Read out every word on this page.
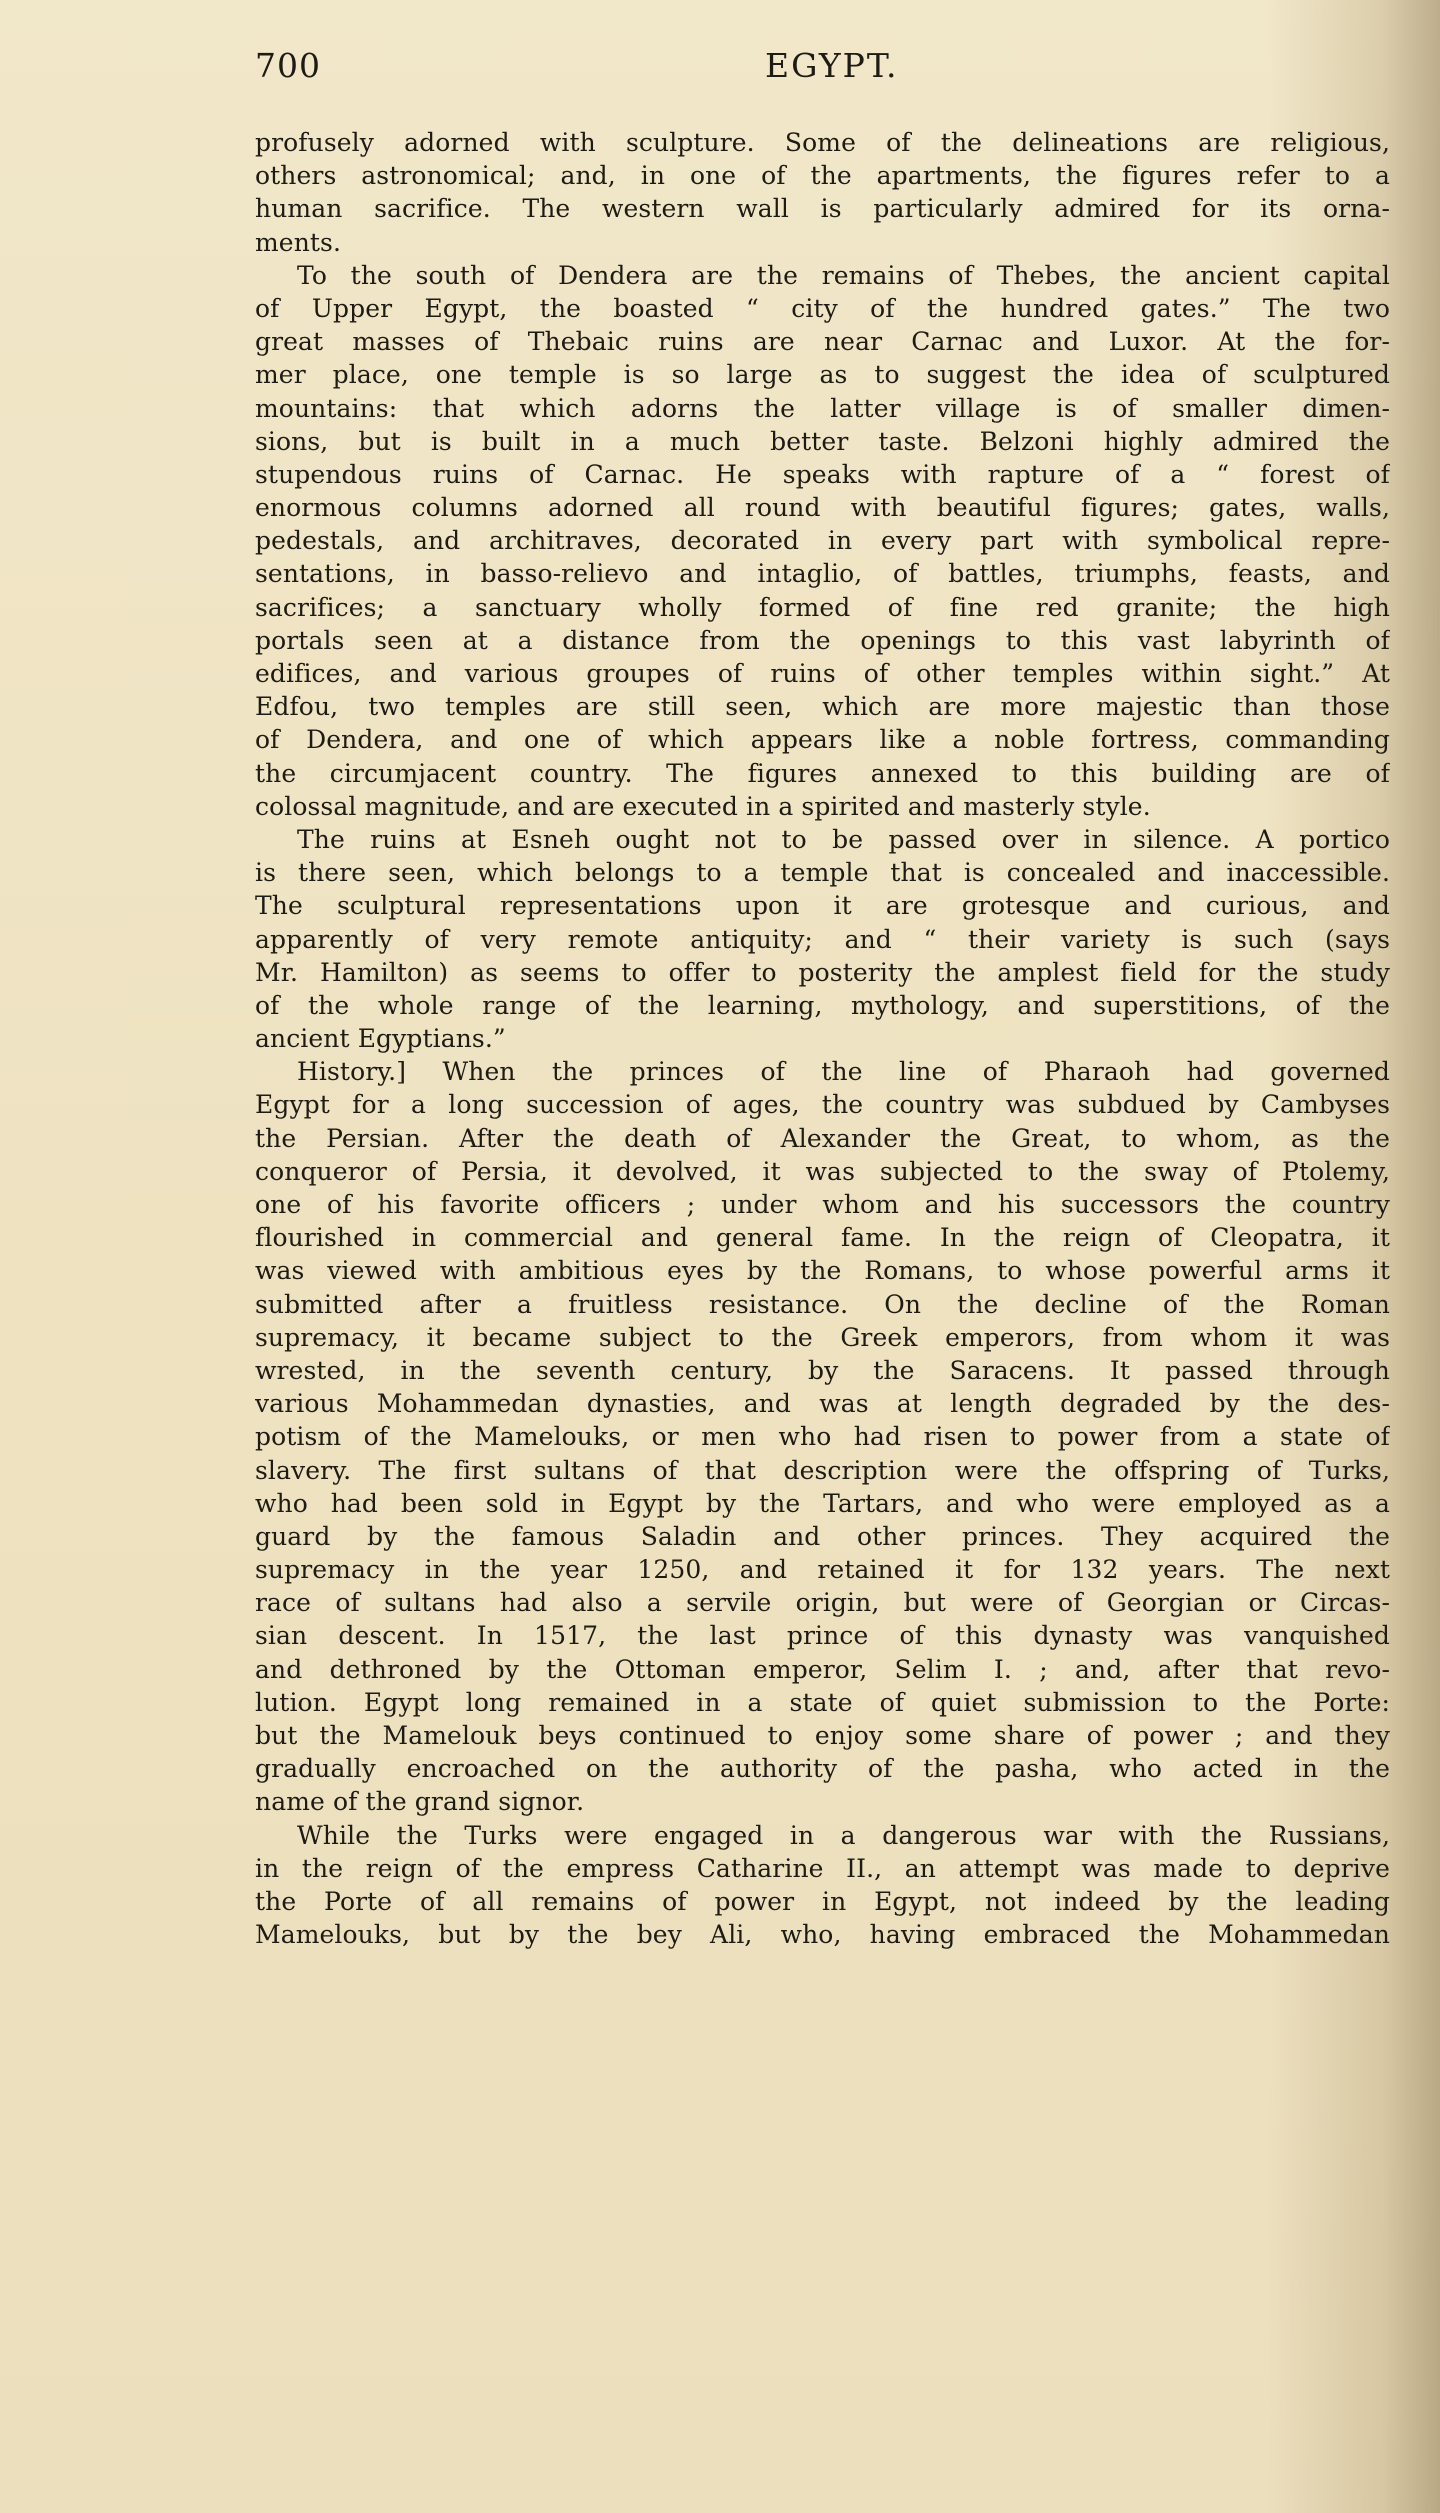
700	EGYPT.
profusely adorned with sculpture. Some of the delineations are religious,
others astronomical; and, in one of the apartments, the figures refer to a
human sacrifice. The western wall is particularly admired for its orna-
ments.
To the south of Dendera are the remains of Thebes, the ancient capital
of Upper Egypt, the boasted “ city of the hundred gates.” The two
great masses of Thebaic ruins are near Carnac and Luxor. At the for-
mer place, one temple is so large as to suggest the idea of sculptured
mountains: that which adorns the latter village is of smaller dimen-
sions, but is built in a much better taste. Belzoni highly admired the
stupendous ruins of Carnac. He speaks with rapture of a “ forest of
enormous columns adorned all round with beautiful figures; gates, walls,
pedestals, and architraves, decorated in every part with symbolical repre-
sentations, in basso-relievo and intaglio, of battles, triumphs, feasts, and
sacrifices; a sanctuary wholly formed of fine red granite; the high
portals seen at a distance from the openings to this vast labyrinth of
edifices, and various groupes of ruins of other temples within sight.” At
Edfou, two temples are still seen, which are more majestic than those
of Dendera, and one of which appears like a noble fortress, commanding
the circumjacent country. The figures annexed to this building are of
colossal magnitude, and are executed in a spirited and masterly style.
The ruins at Esneh ought not to be passed over in silence. A portico
is there seen, which belongs to a temple that is concealed and inaccessible.
The sculptural representations upon it are grotesque and curious, and
apparently of very remote antiquity; and “ their variety is such (says
Mr. Hamilton) as seems to offer to posterity the amplest field for the study
of the whole range of the learning, mythology, and superstitions, of the
ancient Egyptians.”
History.] When the princes of the line of Pharaoh had governed
Egypt for a long succession of ages, the country was subdued by Cambyses
the Persian. After the death of Alexander the Great, to whom, as the
conqueror of Persia, it devolved, it was subjected to the sway of Ptolemy,
one of his favorite officers ; under whom and his successors the country
flourished in commercial and general fame. In the reign of Cleopatra, it
was viewed with ambitious eyes by the Romans, to whose powerful arms it
submitted after a fruitless resistance. On the decline of the Roman
supremacy, it became subject to the Greek emperors, from whom it was
wrested, in the seventh century, by the Saracens. It passed through
various Mohammedan dynasties, and was at length degraded by the des-
potism of the Mamelouks, or men who had risen to power from a state of
slavery. The first sultans of that description were the offspring of Turks,
who had been sold in Egypt by the Tartars, and who were employed as a
guard by the famous Saladin and other princes. They acquired the
supremacy in the year 1250, and retained it for 132 years. The next
race of sultans had also a servile origin, but were of Georgian or Circas-
sian descent. In 1517, the last prince of this dynasty was vanquished
and dethroned by the Ottoman emperor, Selim I. ; and, after that revo-
lution. Egypt long remained in a state of quiet submission to the Porte:
but the Mamelouk beys continued to enjoy some share of power ; and they
gradually encroached on the authority of the pasha, who acted in the
name of the grand signor.
While the Turks were engaged in a dangerous war with the Russians,
in the reign of the empress Catharine II., an attempt was made to deprive
the Porte of all remains of power in Egypt, not indeed by the leading
Mamelouks, but by the bey Ali, who, having embraced the Mohammedan
